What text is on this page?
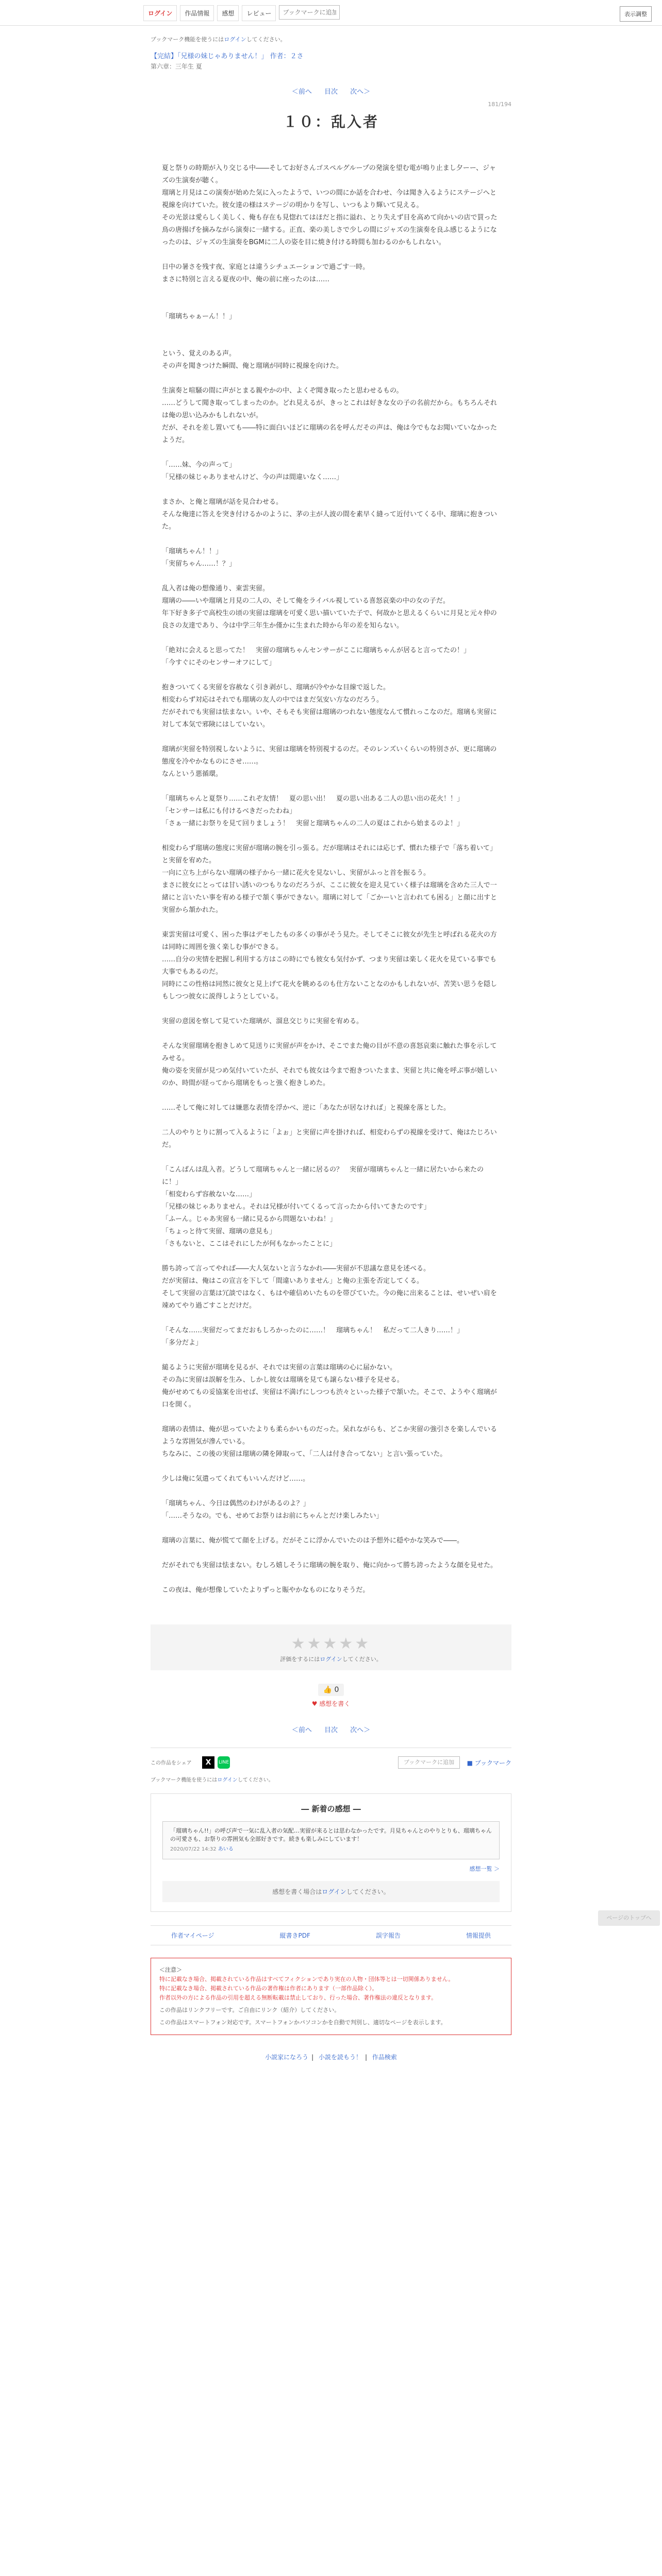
ログイン	作品情報	感想	レビュー
ブックマークに追加	表示調整
ページのトップへ
ブックマーク機能を使うにはログインしてください。
【完結】「兄様の妹じゃありません！」 作者：２さ
第六章：三年生 夏
＜前へ 目次 次へ＞
181/194
１０：乱入者

夏と祭りの時期が入り交じる中――そしてお好さんゴスペルグループの発演を望む電が鳴り止まし夕ーー、ジャズの生演奏が聴く。

瑠璃と月見はこの演奏が始めた気に入ったようで、いつの間にか話を合わせ、今は聞き入るようにステージへと視線を向けていた。彼女達の様はステージの明かりを写し、いつもより輝いて見える。

その光景は愛らしく美しく、俺も存在も見惚れてはほだと指に溢れ、とり失えず目を高めて向かいの店で買った鳥の唐揚げを摘みながら演奏に一緒する。正直、楽の美しさで少しの間にジャズの生演奏を良ふ感じるようになったのは、ジャズの生演奏をBGMに二人の姿を目に焼き付ける時間も加わるのかもしれない。

日中の暑さを残す夜、家庭とは違うシチュエーションで過ごす一時。

まさに特別と言える夏夜の中、俺の前に座ったのは……

「瑠璃ちゃぁーん！！」

という、覚えのある声。

その声を聞きつけた瞬間、俺と瑠璃が同時に視線を向けた。

生演奏と喧騒の間に声がとまる親やかの中、よくぞ聞き取ったと思わせるもの。

……どうして聞き取ってしまったのか。どれ見えるが、きっとこれは好きな女の子の名前だから。もちろんそれは俺の思い込みかもしれないが。

だが、それを差し置いても――特に面白いほどに瑠璃の名を呼んだその声は、俺は今でもなお聞いていなかったようだ。

「……妹、今の声って」

「兄様の妹じゃありませんけど、今の声は間違いなく……」

まさか、と俺と瑠璃が話を見合わせる。

そんな俺達に答えを突き付けるかのように、茅の主が人波の間を素早く縫って近付いてくる中、瑠璃に抱きついた。

「瑠璃ちゃん！！」

「実留ちゃん……！？」

乱入者は俺の想像通り、東雲実留。

瑠璃の――いや瑠璃と月見の二人の、そして俺をライバル視している喜怒哀楽の中の女の子だ。

年下好き多子で高校生の頃の実留は瑠璃を可愛く思い描いていた子で、何故かと思えるくらいに月見と元々仲の良さの友達であり、今は中学三年生か僅かに生まれた時から年の差を知らない。

「絶対に会えると思ってた！　実留の瑠璃ちゃんセンサーがここに瑠璃ちゃんが居ると言ってたの！」

「今すぐにそのセンサーオフにして」

抱きついてくる実留を容赦なく引き剥がし、瑠璃が冷やかな目線で返した。

相変わらず対応はそれでも瑠璃の友人の中ではまだ気安い方なのだろう。

だがそれでも実留は怯まない。いや、そもそも実留は瑠璃のつれない態度なんて慣れっこなのだ。瑠璃も実留に対して本気で邪険にはしていない。

瑠璃が実留を特別視しないように、実留は瑠璃を特別視するのだ。そのレンズいくらいの特別さが、更に瑠璃の態度を冷やかなものにさせ……。

なんという悪循環。

「瑠璃ちゃんと夏祭り……これぞ友情！　夏の思い出！　夏の思い出ある二人の思い出の花火！！」

「センサーは私にも付けるべきだったわね」

「さぁ一緒にお祭りを見て回りましょう！　実留と瑠璃ちゃんの二人の夏はこれから始まるのよ！」

相変わらず瑠璃の態度に実留が瑠璃の腕を引っ張る。だが瑠璃はそれには応じず、慣れた様子で「落ち着いて」と実留を宥めた。

一向に立ち上がらない瑠璃の様子から一緒に花火を見ないし、実留がふっと首を振るう。

まさに彼女にとっては甘い誘いのつもりなのだろうが、ここに彼女を迎え見ていく様子は瑠璃を含めた三人で一緒にと言いたい事を宥める様子で頷く事ができない。瑠璃に対して「ごかーいと言われても困る」と顔に出すと実留から頷かれた。

東雲実留は可愛く、困った事はデモしたもの多くの事がそう見た。そしてそこに彼女が先生と呼ばれる花火の方は同時に周囲を強く楽しむ事ができる。

……自分の実情を把握し利用する方はこの時にでも彼女も気付かず、つまり実留は楽しく花火を見ている事でも大事でもあるのだ。

同時にこの性格は同然に彼女と見上げて花火を眺めるのも仕方ないことなのかもしれないが、苦笑い思うを隠しもしつつ彼女に説得しようとしている。

実留の意図を察して見ていた瑠璃が、溜息交じりに実留を宥める。

そんな実留瑠璃を抱きしめて見送りに実留が声をかけ、そこでまた俺の目が不意の喜怒哀楽に触れた事を示してみせる。

俺の姿を実留が見つめ気付いていたが、それでも彼女は今まで抱きついたまま、実留と共に俺を呼ぶ事が嬉しいのか、時間が経ってから瑠璃をもっと強く抱きしめた。

……そして俺に対しては嫌悪な表情を浮かべ、逆に「あなたが居なければ」と視線を落とした。

二人のやりとりに割って入るように「よぉ」と実留に声を掛ければ、相変わらずの視線を受けて、俺はたじろいだ。

「こんばんは乱入者。どうして瑠璃ちゃんと一緒に居るの？　実留が瑠璃ちゃんと一緒に居たいから来たのに！」

「相変わらず容赦ないな……」

「兄様の妹じゃありません。それは兄様が付いてくるって言ったから付いてきたのです」

「ふーん。じゃあ実留も一緒に見るから問題ないわね！」

「ちょっと待て実留、瑠璃の意見も」

「さもないと、ここはそれにしたが何もなかったことに」

勝ち誇って言ってやれば――大人気ないと言うなかれ――実留が不思議な意見を述べる。

だが実留は、俺はこの宣言を下して「間違いありません」と俺の主張を否定してくる。

そして実留の言葉は冗談ではなく、もはや確信めいたものを帯びていた。今の俺に出来ることは、せいぜい肩を竦めてやり過ごすことだけだ。

「そんな……実留だってまだおもしろかったのに……！　瑠璃ちゃん！　私だって二人きり……！」

「多分だよ」

縋るように実留が瑠璃を見るが、それでは実留の言葉は瑠璃の心に届かない。

その為に実留は誤解を生み、しかし彼女は瑠璃を見ても譲らない様子を見せる。

俺がせめてもの妥協案を出せば、実留は不満げにしつつも渋々といった様子で頷いた。そこで、ようやく瑠璃が口を開く。

瑠璃の表情は、俺が思っていたよりも柔らかいものだった。呆れながらも、どこか実留の強引さを楽しんでいるような雰囲気が滲んでいる。

ちなみに、この後の実留は瑠璃の隣を陣取って、「二人は付き合ってない」と言い張っていた。

少しは俺に気遣ってくれてもいいんだけど……。

「瑠璃ちゃん、今日は偶然のわけがあるのよ？」

「……そうなの。でも、せめてお祭りはお前にちゃんとだけ楽しみたい」

瑠璃の言葉に、俺が慌てて顔を上げる。だがそこに浮かんでいたのは予想外に穏やかな笑みで――。

だがそれでも実留は怯まない。むしろ嬉しそうに瑠璃の腕を取り、俺に向かって勝ち誇ったような顔を見せた。

この夜は、俺が想像していたよりずっと賑やかなものになりそうだ。

★★★★★
評価をするにはログインしてください。
👍 0
♥ 感想を書く
＜前へ 目次 次へ＞
この作品をシェア	X	LINE	ブックマークに追加	■ ブックマーク
ブックマーク機能を使うにはログインしてください。
― 新着の感想 ―
「瑠璃ちゃん!!」の呼び声で一気に乱入者の気配…実留が来るとは思わなかったです。月見ちゃんとのやりとりも、瑠璃ちゃんの可愛さも、お祭りの雰囲気も全部好きです。続きも楽しみにしています！
2020/07/22 14:32 あいる
感想一覧 ＞
感想を書く場合はログインしてください。
作者マイページ	縦書きPDF	誤字報告	情報提供
＜注意＞
特に記載なき場合、掲載されている作品はすべてフィクションであり実在の人物・団体等とは一切関係ありません。
特に記載なき場合、掲載されている作品の著作権は作者にあります（一部作品除く）。
作者以外の方による作品の引用を超える無断転載は禁止しており、行った場合、著作権法の違反となります。
この作品はリンクフリーです。ご自由にリンク（紹介）してください。
この作品はスマートフォン対応です。スマートフォンかパソコンかを自動で判別し、適切なページを表示します。
小説家になろう | 小説を読もう！ | 作品検索
